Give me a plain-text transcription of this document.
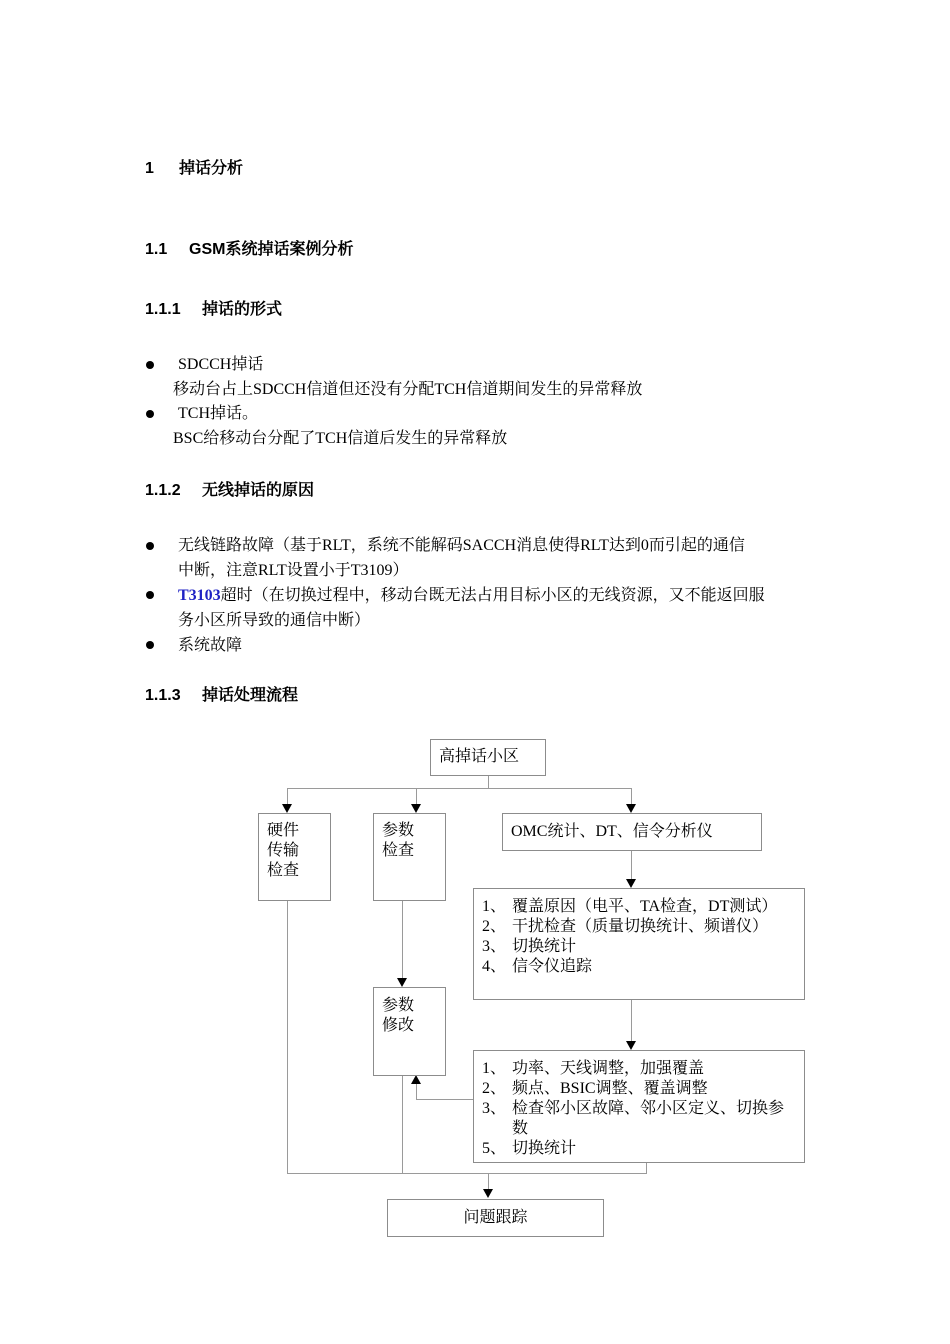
1 掉话分析
1.1 GSM系统掉话案例分析
1.1.1 掉话的形式
SDCCH掉话
移动台占上SDCCH信道但还没有分配TCH信道期间发生的异常释放
TCH掉话。
BSC给移动台分配了TCH信道后发生的异常释放
1.1.2 无线掉话的原因
无线链路故障（基于RLT，系统不能解码SACCH消息使得RLT达到0而引起的通信
中断，注意RLT设置小于T3109）
T3103超时（在切换过程中，移动台既无法占用目标小区的无线资源，又不能返回服
务小区所导致的通信中断）
系统故障
1.1.3 掉话处理流程
高掉话小区
硬件
传输
检查
参数
检查
OMC统计、DT、信令分析仪
1、 覆盖原因（电平、TA检查，DT测试）
2、 干扰检查（质量切换统计、频谱仪）
3、 切换统计
4、 信令仪追踪
参数
修改
1、 功率、天线调整，加强覆盖
2、 频点、BSIC调整、覆盖调整
3、 检查邻小区故障、邻小区定义、切换参
数
5、 切换统计
问题跟踪
